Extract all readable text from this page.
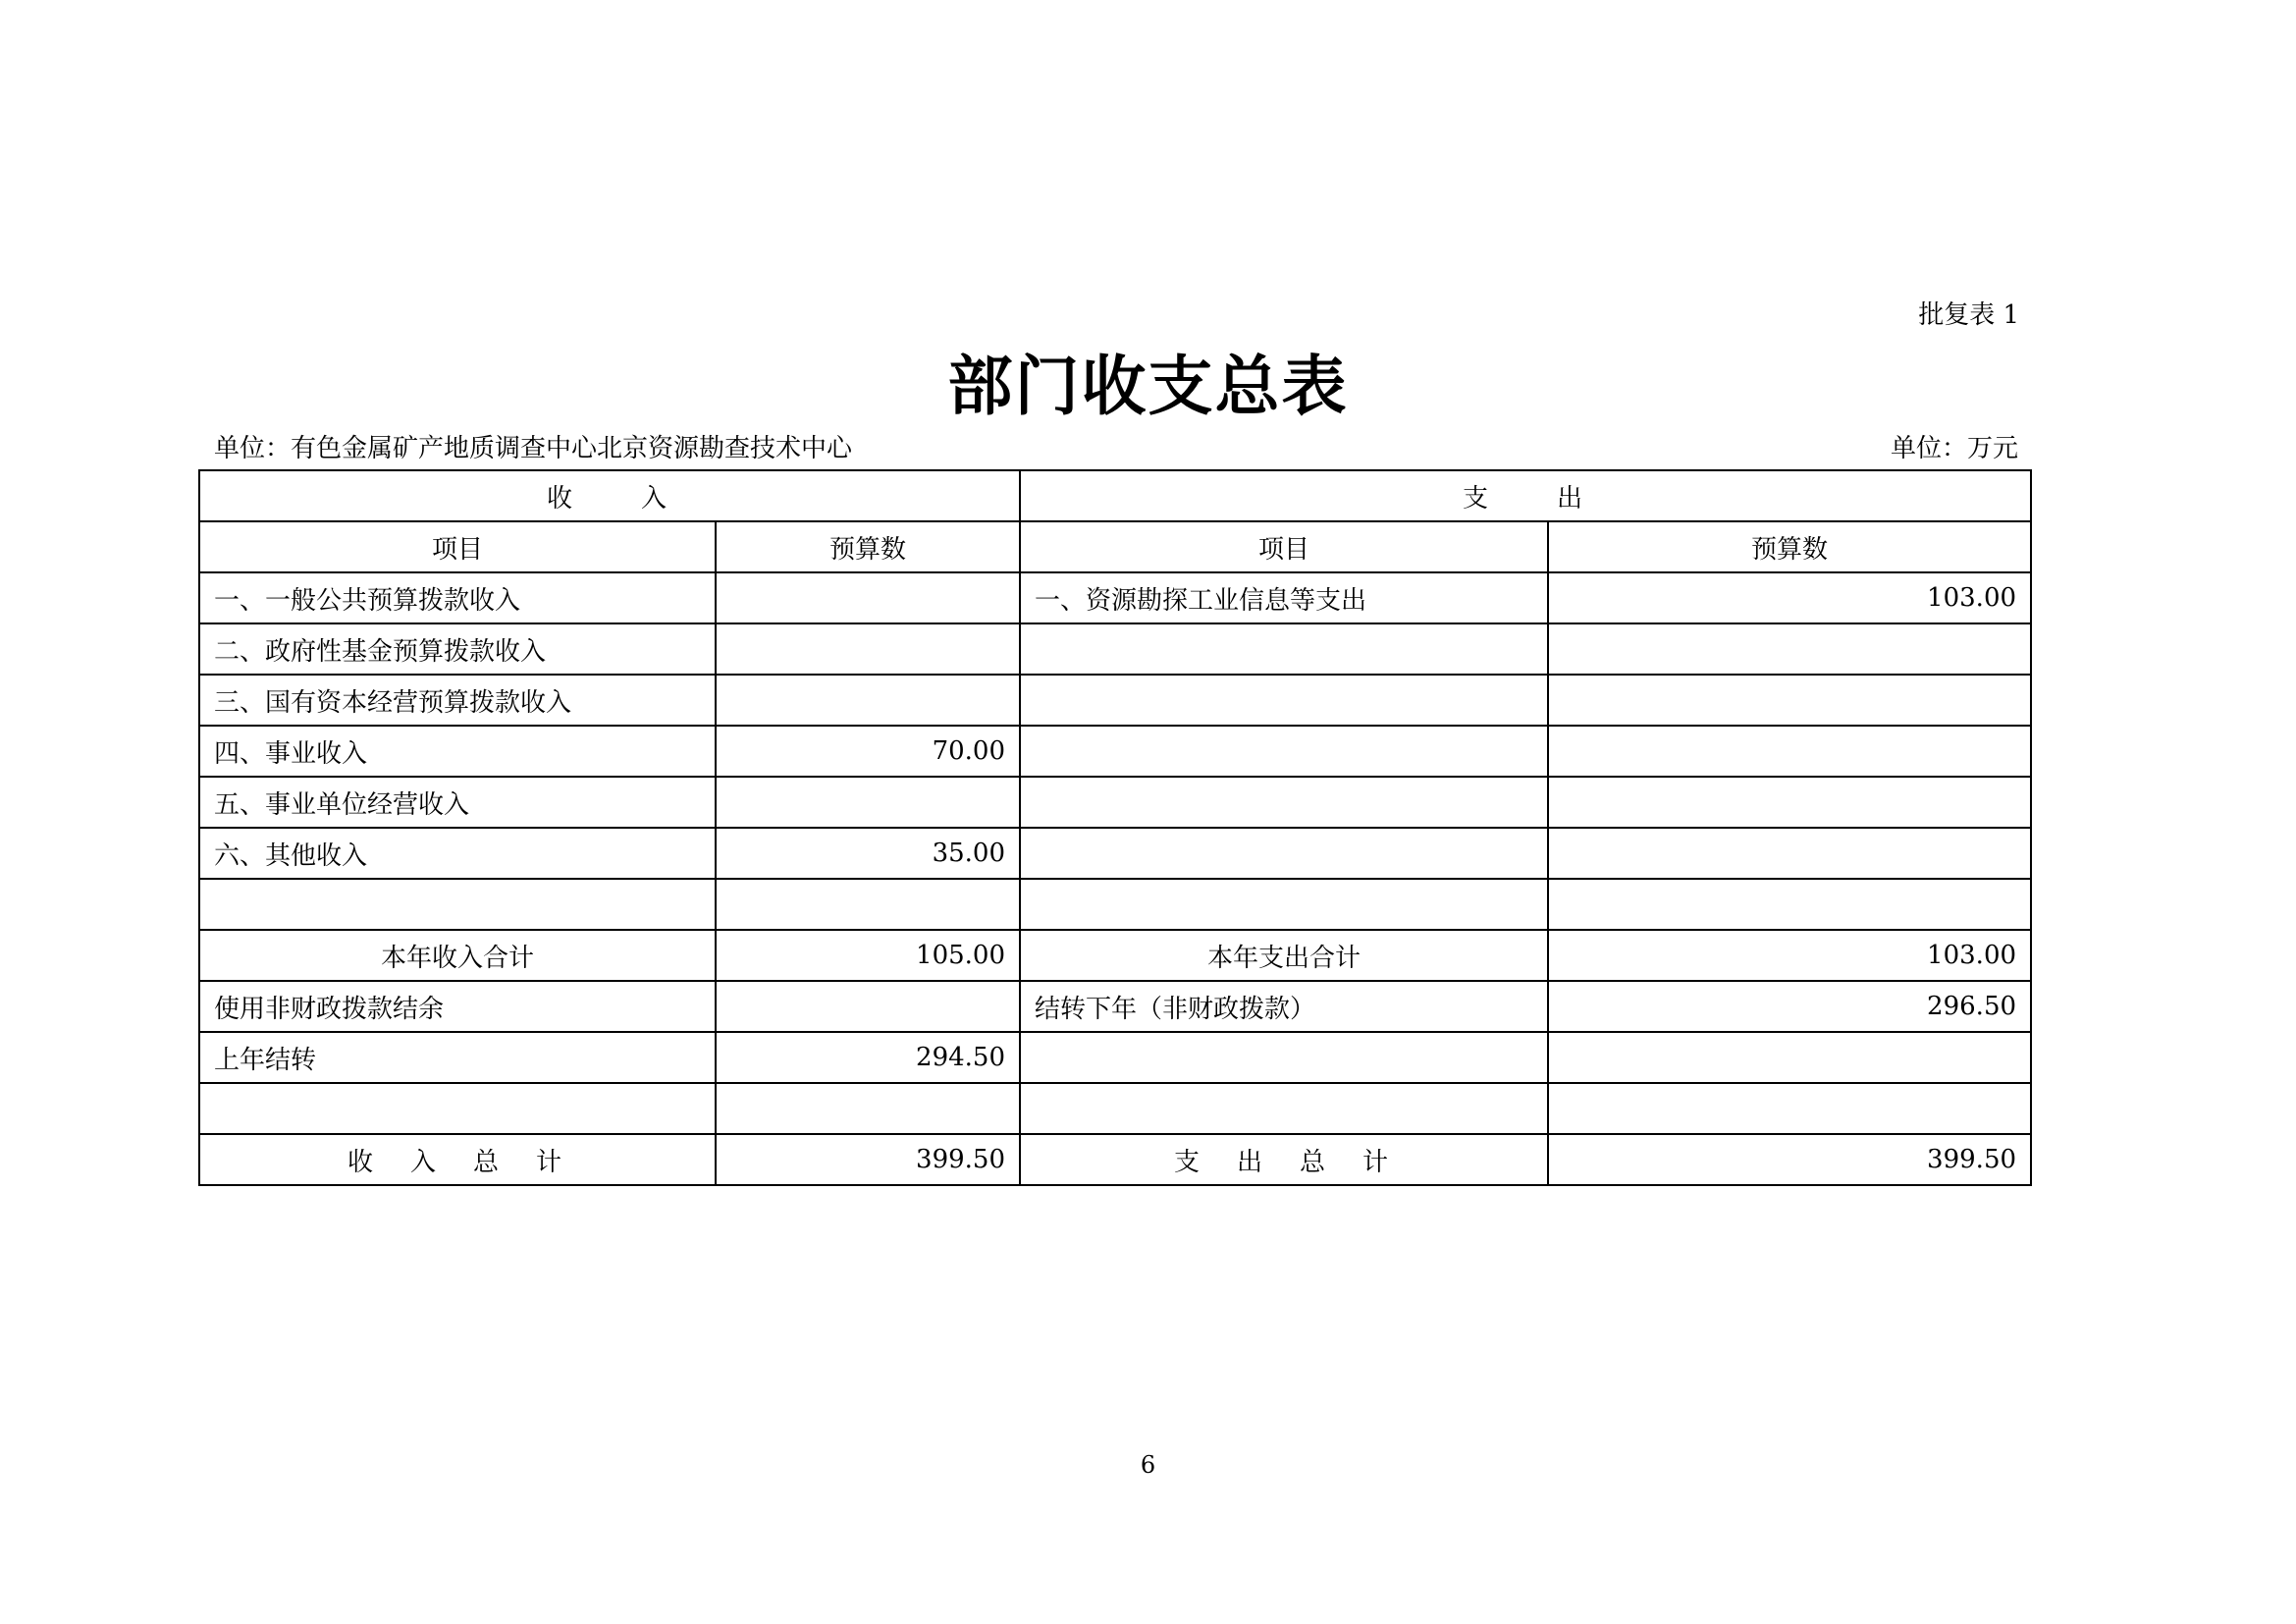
批复表 1
部门收支总表
单位：有色金属矿产地质调查中心北京资源勘查技术中心	单位：万元
收　　入		支　　出	
项目	预算数	项目	预算数
一、一般公共预算拨款收入		一、资源勘探工业信息等支出	103.00
二、政府性基金预算拨款收入			
三、国有资本经营预算拨款收入			
四、事业收入	70.00		
五、事业单位经营收入			
六、其他收入	35.00		

本年收入合计	105.00	本年支出合计	103.00
使用非财政拨款结余		结转下年（非财政拨款）	296.50
上年结转	294.50		

收　入　总　计	399.50	支　出　总　计	399.50
6
